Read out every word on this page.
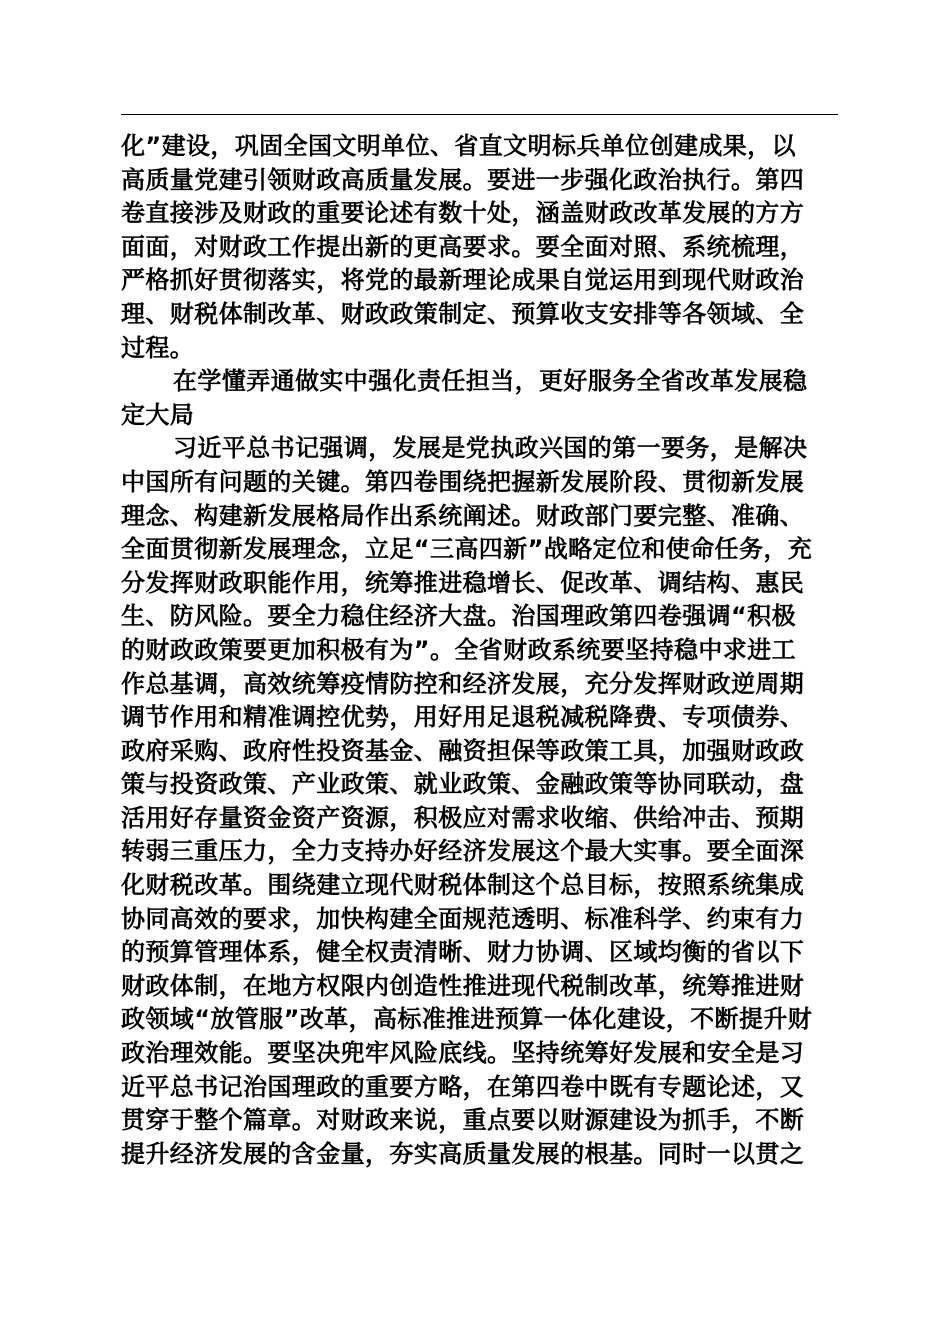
化”建设，巩固全国文明单位、省直文明标兵单位创建成果，以
高质量党建引领财政高质量发展。要进一步强化政治执行。第四
卷直接涉及财政的重要论述有数十处，涵盖财政改革发展的方方
面面，对财政工作提出新的更高要求。要全面对照、系统梳理，
严格抓好贯彻落实，将党的最新理论成果自觉运用到现代财政治
理、财税体制改革、财政政策制定、预算收支安排等各领域、全
过程。
在学懂弄通做实中强化责任担当，更好服务全省改革发展稳
定大局
习近平总书记强调，发展是党执政兴国的第一要务，是解决
中国所有问题的关键。第四卷围绕把握新发展阶段、贯彻新发展
理念、构建新发展格局作出系统阐述。财政部门要完整、准确、
全面贯彻新发展理念，立足“三高四新”战略定位和使命任务，充
分发挥财政职能作用，统筹推进稳增长、促改革、调结构、惠民
生、防风险。要全力稳住经济大盘。治国理政第四卷强调“积极
的财政政策要更加积极有为”。全省财政系统要坚持稳中求进工
作总基调，高效统筹疫情防控和经济发展，充分发挥财政逆周期
调节作用和精准调控优势，用好用足退税减税降费、专项债券、
政府采购、政府性投资基金、融资担保等政策工具，加强财政政
策与投资政策、产业政策、就业政策、金融政策等协同联动，盘
活用好存量资金资产资源，积极应对需求收缩、供给冲击、预期
转弱三重压力，全力支持办好经济发展这个最大实事。要全面深
化财税改革。围绕建立现代财税体制这个总目标，按照系统集成
协同高效的要求，加快构建全面规范透明、标准科学、约束有力
的预算管理体系，健全权责清晰、财力协调、区域均衡的省以下
财政体制，在地方权限内创造性推进现代税制改革，统筹推进财
政领域“放管服”改革，高标准推进预算一体化建设，不断提升财
政治理效能。要坚决兜牢风险底线。坚持统筹好发展和安全是习
近平总书记治国理政的重要方略，在第四卷中既有专题论述，又
贯穿于整个篇章。对财政来说，重点要以财源建设为抓手，不断
提升经济发展的含金量，夯实高质量发展的根基。同时一以贯之
